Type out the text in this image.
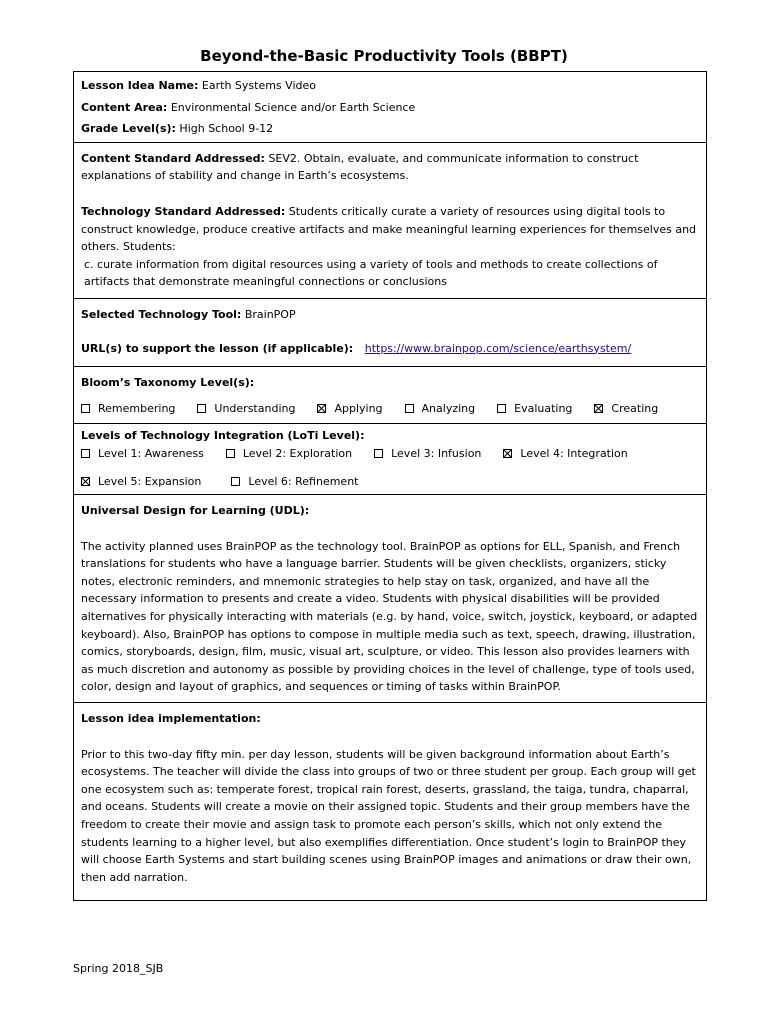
Beyond-the-Basic Productivity Tools (BBPT)
Lesson Idea Name: Earth Systems Video
Content Area: Environmental Science and/or Earth Science
Grade Level(s): High School 9-12
Content Standard Addressed: SEV2. Obtain, evaluate, and communicate information to construct explanations of stability and change in Earth’s ecosystems.
Technology Standard Addressed: Students critically curate a variety of resources using digital tools to construct knowledge, produce creative artifacts and make meaningful learning experiences for themselves and others. Students:
c. curate information from digital resources using a variety of tools and methods to create collections of artifacts that demonstrate meaningful connections or conclusions
Selected Technology Tool: BrainPOP
URL(s) to support the lesson (if applicable): https://www.brainpop.com/science/earthsystem/
Bloom’s Taxonomy Level(s):
Remembering	Understanding	Applying	Analyzing	Evaluating	Creating
Levels of Technology Integration (LoTi Level):
Level 1: Awareness	Level 2: Exploration	Level 3: Infusion	Level 4: Integration
Level 5: Expansion	Level 6: Refinement
Universal Design for Learning (UDL):
The activity planned uses BrainPOP as the technology tool. BrainPOP as options for ELL, Spanish, and French translations for students who have a language barrier. Students will be given checklists, organizers, sticky notes, electronic reminders, and mnemonic strategies to help stay on task, organized, and have all the necessary information to presents and create a video. Students with physical disabilities will be provided alternatives for physically interacting with materials (e.g. by hand, voice, switch, joystick, keyboard, or adapted keyboard). Also, BrainPOP has options to compose in multiple media such as text, speech, drawing, illustration, comics, storyboards, design, film, music, visual art, sculpture, or video. This lesson also provides learners with as much discretion and autonomy as possible by providing choices in the level of challenge, type of tools used, color, design and layout of graphics, and sequences or timing of tasks within BrainPOP.
Lesson idea implementation:
Prior to this two-day fifty min. per day lesson, students will be given background information about Earth’s ecosystems. The teacher will divide the class into groups of two or three student per group. Each group will get one ecosystem such as: temperate forest, tropical rain forest, deserts, grassland, the taiga, tundra, chaparral, and oceans. Students will create a movie on their assigned topic. Students and their group members have the freedom to create their movie and assign task to promote each person’s skills, which not only extend the students learning to a higher level, but also exemplifies differentiation. Once student’s login to BrainPOP they will choose Earth Systems and start building scenes using BrainPOP images and animations or draw their own, then add narration.
Spring 2018_SJB
